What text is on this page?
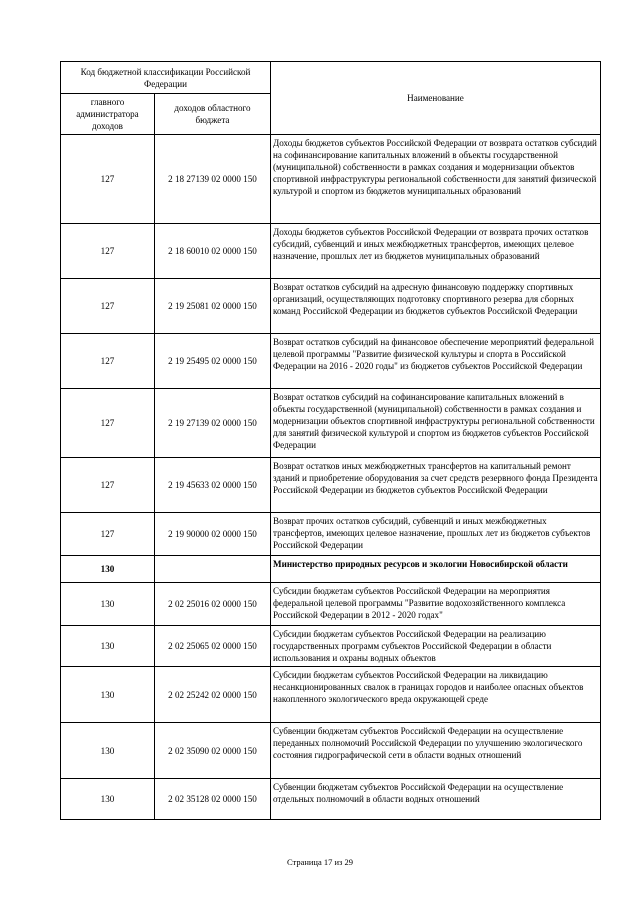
Код бюджетной классификации Российской Федерации		Наименование
главного администратора доходов	доходов областного бюджета	
127	2 18 27139 02 0000 150	Доходы бюджетов субъектов Российской Федерации от возврата остатков субсидий на софинансирование капитальных вложений в объекты государственной (муниципальной) собственности в рамках создания и модернизации объектов спортивной инфраструктуры региональной собственности для занятий физической культурой и спортом из бюджетов муниципальных образований
127	2 18 60010 02 0000 150	Доходы бюджетов субъектов Российской Федерации от возврата прочих остатков субсидий, субвенций и иных межбюджетных трансфертов, имеющих целевое назначение, прошлых лет из бюджетов муниципальных образований
127	2 19 25081 02 0000 150	Возврат остатков субсидий на адресную финансовую поддержку спортивных организаций, осуществляющих подготовку спортивного резерва для сборных команд Российской Федерации из бюджетов субъектов Российской Федерации
127	2 19 25495 02 0000 150	Возврат остатков субсидий на финансовое обеспечение мероприятий федеральной целевой программы "Развитие физической культуры и спорта в Российской Федерации на 2016 - 2020 годы" из бюджетов субъектов Российской Федерации
127	2 19 27139 02 0000 150	Возврат остатков субсидий на софинансирование капитальных вложений в объекты государственной (муниципальной) собственности в рамках создания и модернизации объектов спортивной инфраструктуры региональной собственности для занятий физической культурой и спортом из бюджетов субъектов Российской Федерации
127	2 19 45633 02 0000 150	Возврат остатков иных межбюджетных трансфертов на капитальный ремонт зданий и приобретение оборудования за счет средств резервного фонда Президента Российской Федерации из бюджетов субъектов Российской Федерации
127	2 19 90000 02 0000 150	Возврат прочих остатков субсидий, субвенций и иных межбюджетных трансфертов, имеющих целевое назначение, прошлых лет из бюджетов субъектов Российской Федерации
130		Министерство природных ресурсов и экологии Новосибирской области
130	2 02 25016 02 0000 150	Субсидии бюджетам субъектов Российской Федерации на мероприятия федеральной целевой программы "Развитие водохозяйственного комплекса Российской Федерации в 2012 - 2020 годах"
130	2 02 25065 02 0000 150	Субсидии бюджетам субъектов Российской Федерации на реализацию государственных программ субъектов Российской Федерации в области использования и охраны водных объектов
130	2 02 25242 02 0000 150	Субсидии бюджетам субъектов Российской Федерации на ликвидацию несанкционированных свалок в границах городов и наиболее опасных объектов накопленного экологического вреда окружающей среде
130	2 02 35090 02 0000 150	Субвенции бюджетам субъектов Российской Федерации на осуществление переданных полномочий Российской Федерации по улучшению экологического состояния гидрографической сети в области водных отношений
130	2 02 35128 02 0000 150	Субвенции бюджетам субъектов Российской Федерации на осуществление отдельных полномочий в области водных отношений
Страница 17 из 29
